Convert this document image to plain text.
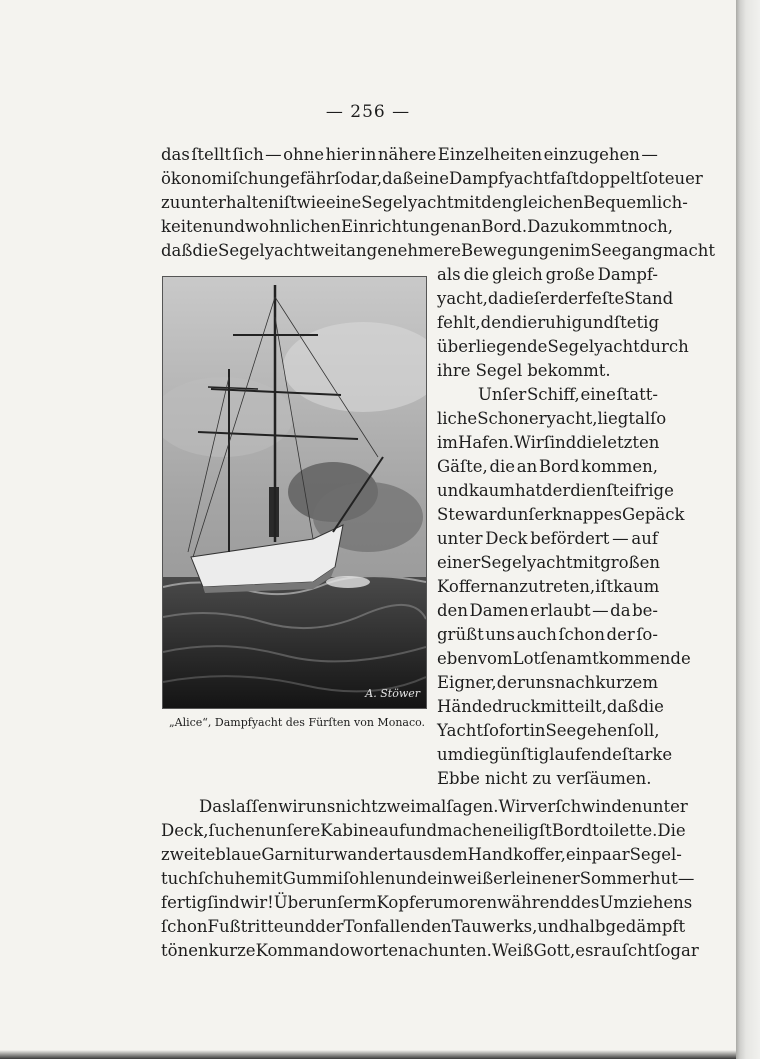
— 256 —
das ſtellt ſich — ohne hier in nähere Einzelheiten einzugehen —
ökonomiſch ungefähr ſo dar, daß eine Dampfyacht faſt doppelt ſo teuer
zu unterhalten iſt wie eine Segelyacht mit den gleichen Bequemlich-
keiten und wohnlichen Einrichtungen an Bord. Dazu kommt noch,
daß die Segelyacht weit angenehmere Bewegungen im Seegang macht
A. Stöwer
„Alice“, Dampfyacht des Fürſten von Monaco.
als die gleich große Dampf-
yacht, da dieſer der feſte Stand
fehlt, den die ruhig und ſtetig
überliegende Segelyacht durch
ihre Segel bekommt.
Unſer Schiff, eine ſtatt-
liche Schoneryacht, liegt alſo
im Hafen. Wir ſind die letzten
Gäſte, die an Bord kommen,
und kaum hat der dienſteifrige
Steward unſer knappes Gepäck
unter Deck befördert — auf
einer Segelyacht mit großen
Koffern anzutreten, iſt kaum
den Damen erlaubt — da be-
grüßt uns auch ſchon der ſo-
eben vom Lotſenamt kommende
Eigner, der uns nach kurzem
Händedruck mitteilt, daß die
Yacht ſofort in See gehen ſoll,
um die günſtig laufende ſtarke
Ebbe nicht zu verſäumen.
Das laſſen wir uns nicht zweimal ſagen. Wir verſchwinden unter
Deck, ſuchen unſere Kabine auf und machen eiligſt Bordtoilette. Die
zweite blaue Garnitur wandert aus dem Handkoffer, ein paar Segel-
tuchſchuhe mit Gummiſohlen und ein weißer leinener Sommerhut —
fertig ſind wir! Über unſerm Kopfe rumoren während des Umziehens
ſchon Fußtritte und der Ton fallenden Tauwerks, und halbgedämpft
tönen kurze Kommandoworte nach unten. Weiß Gott, es rauſcht ſogar
